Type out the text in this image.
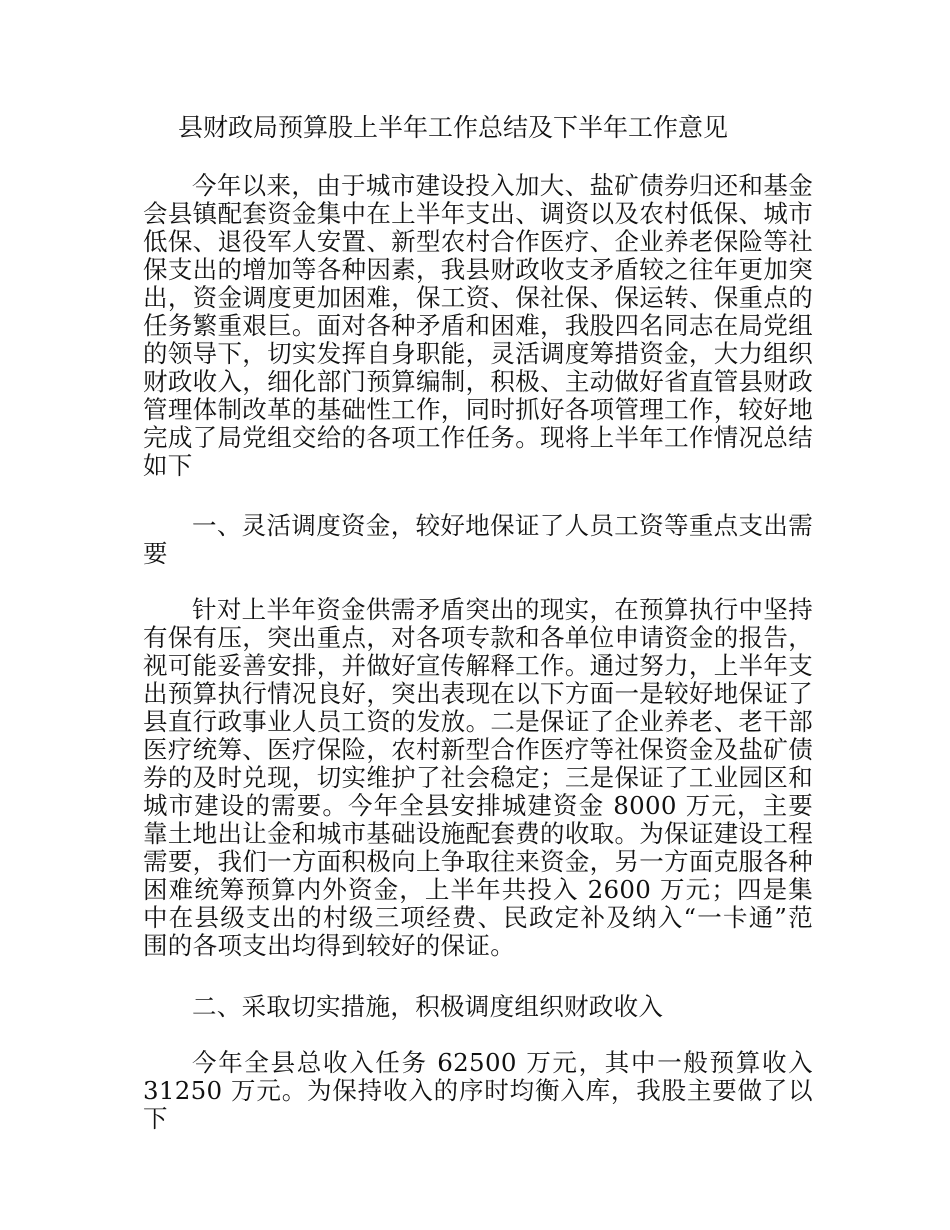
县财政局预算股上半年工作总结及下半年工作意见

今年以来，由于城市建设投入加大、盐矿债券归还和基金会县镇配套资金集中在上半年支出、调资以及农村低保、城市低保、退役军人安置、新型农村合作医疗、企业养老保险等社保支出的增加等各种因素，我县财政收支矛盾较之往年更加突出，资金调度更加困难，保工资、保社保、保运转、保重点的任务繁重艰巨。面对各种矛盾和困难，我股四名同志在局党组的领导下，切实发挥自身职能，灵活调度筹措资金，大力组织财政收入，细化部门预算编制，积极、主动做好省直管县财政管理体制改革的基础性工作，同时抓好各项管理工作，较好地完成了局党组交给的各项工作任务。现将上半年工作情况总结如下

一、灵活调度资金，较好地保证了人员工资等重点支出需要

针对上半年资金供需矛盾突出的现实，在预算执行中坚持有保有压，突出重点，对各项专款和各单位申请资金的报告，视可能妥善安排，并做好宣传解释工作。通过努力，上半年支出预算执行情况良好，突出表现在以下方面一是较好地保证了县直行政事业人员工资的发放。二是保证了企业养老、老干部医疗统筹、医疗保险，农村新型合作医疗等社保资金及盐矿债券的及时兑现，切实维护了社会稳定；三是保证了工业园区和城市建设的需要。今年全县安排城建资金 8000 万元，主要靠土地出让金和城市基础设施配套费的收取。为保证建设工程需要，我们一方面积极向上争取往来资金，另一方面克服各种困难统筹预算内外资金，上半年共投入 2600 万元；四是集中在县级支出的村级三项经费、民政定补及纳入“一卡通”范围的各项支出均得到较好的保证。

二、采取切实措施，积极调度组织财政收入

今年全县总收入任务 62500 万元，其中一般预算收入 31250 万元。为保持收入的序时均衡入库，我股主要做了以下
